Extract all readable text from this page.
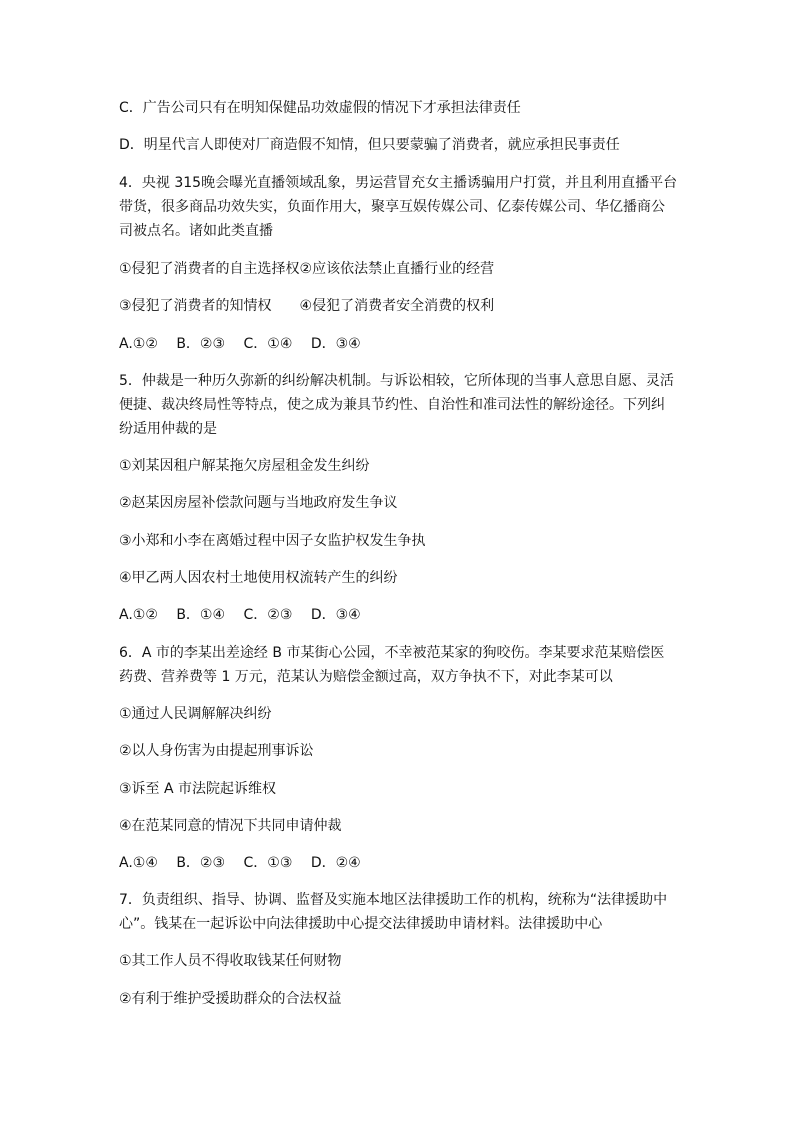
C．广告公司只有在明知保健品功效虚假的情况下才承担法律责任
D．明星代言人即使对厂商造假不知情，但只要蒙骗了消费者，就应承担民事责任
4．央视 315晚会曝光直播领域乱象，男运营冒充女主播诱骗用户打赏，并且利用直播平台
带货，很多商品功效失实，负面作用大，聚享互娱传媒公司、亿泰传媒公司、华亿播商公
司被点名。诸如此类直播
①侵犯了消费者的自主选择权②应该依法禁止直播行业的经营
③侵犯了消费者的知情权　　④侵犯了消费者安全消费的权利
A.①②　 B．②③　 C．①④　 D．③④
5．仲裁是一种历久弥新的纠纷解决机制。与诉讼相较，它所体现的当事人意思自愿、灵活
便捷、裁决终局性等特点，使之成为兼具节约性、自治性和准司法性的解纷途径。下列纠
纷适用仲裁的是
①刘某因租户解某拖欠房屋租金发生纠纷
②赵某因房屋补偿款问题与当地政府发生争议
③小郑和小李在离婚过程中因子女监护权发生争执
④甲乙两人因农村土地使用权流转产生的纠纷
A.①②　 B．①④　 C．②③　 D．③④
6．A 市的李某出差途经 B 市某街心公园，不幸被范某家的狗咬伤。李某要求范某赔偿医
药费、营养费等 1 万元，范某认为赔偿金额过高，双方争执不下，对此李某可以
①通过人民调解解决纠纷
②以人身伤害为由提起刑事诉讼
③诉至 A 市法院起诉维权
④在范某同意的情况下共同申请仲裁
A.①④　 B．②③　 C．①③　 D．②④
7．负责组织、指导、协调、监督及实施本地区法律援助工作的机构，统称为“法律援助中
心”。钱某在一起诉讼中向法律援助中心提交法律援助申请材料。法律援助中心
①其工作人员不得收取钱某任何财物
②有利于维护受援助群众的合法权益
